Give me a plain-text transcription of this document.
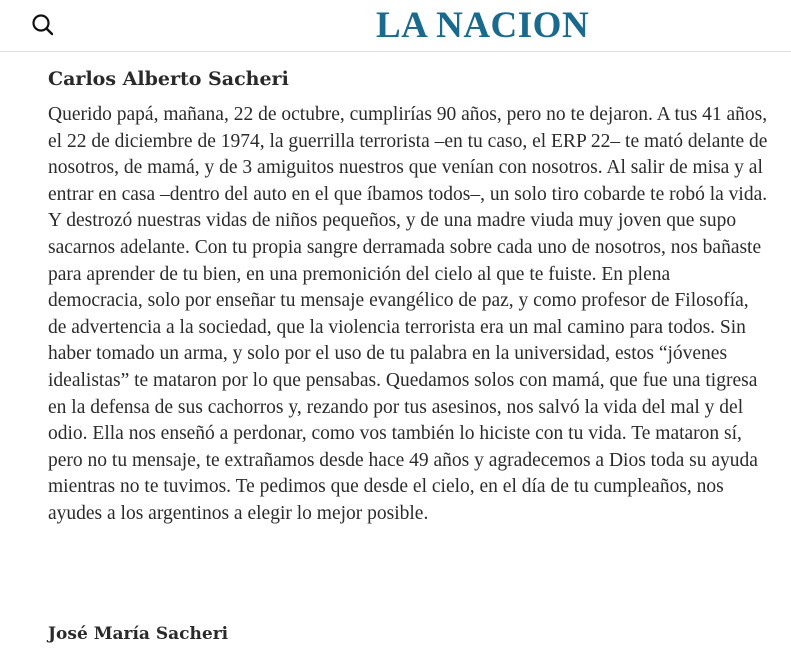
LA NACION
Carlos Alberto Sacheri

Querido papá, mañana, 22 de octubre, cumplirías 90 años, pero no te dejaron. A tus 41 años, el 22 de diciembre de 1974, la guerrilla terrorista –en tu caso, el ERP 22– te mató delante de nosotros, de mamá, y de 3 amiguitos nuestros que venían con nosotros. Al salir de misa y al entrar en casa –dentro del auto en el que íbamos todos–, un solo tiro cobarde te robó la vida. Y destrozó nuestras vidas de niños pequeños, y de una madre viuda muy joven que supo sacarnos adelante. Con tu propia sangre derramada sobre cada uno de nosotros, nos bañaste para aprender de tu bien, en una premonición del cielo al que te fuiste. En plena democracia, solo por enseñar tu mensaje evangélico de paz, y como profesor de Filosofía, de advertencia a la sociedad, que la violencia terrorista era un mal camino para todos. Sin haber tomado un arma, y solo por el uso de tu palabra en la universidad, estos “jóvenes idealistas” te mataron por lo que pensabas. Quedamos solos con mamá, que fue una tigresa en la defensa de sus cachorros y, rezando por tus asesinos, nos salvó la vida del mal y del odio. Ella nos enseñó a perdonar, como vos también lo hiciste con tu vida. Te mataron sí, pero no tu mensaje, te extrañamos desde hace 49 años y agradecemos a Dios toda su ayuda mientras no te tuvimos. Te pedimos que desde el cielo, en el día de tu cumpleaños, nos ayudes a los argentinos a elegir lo mejor posible.

José María Sacheri
